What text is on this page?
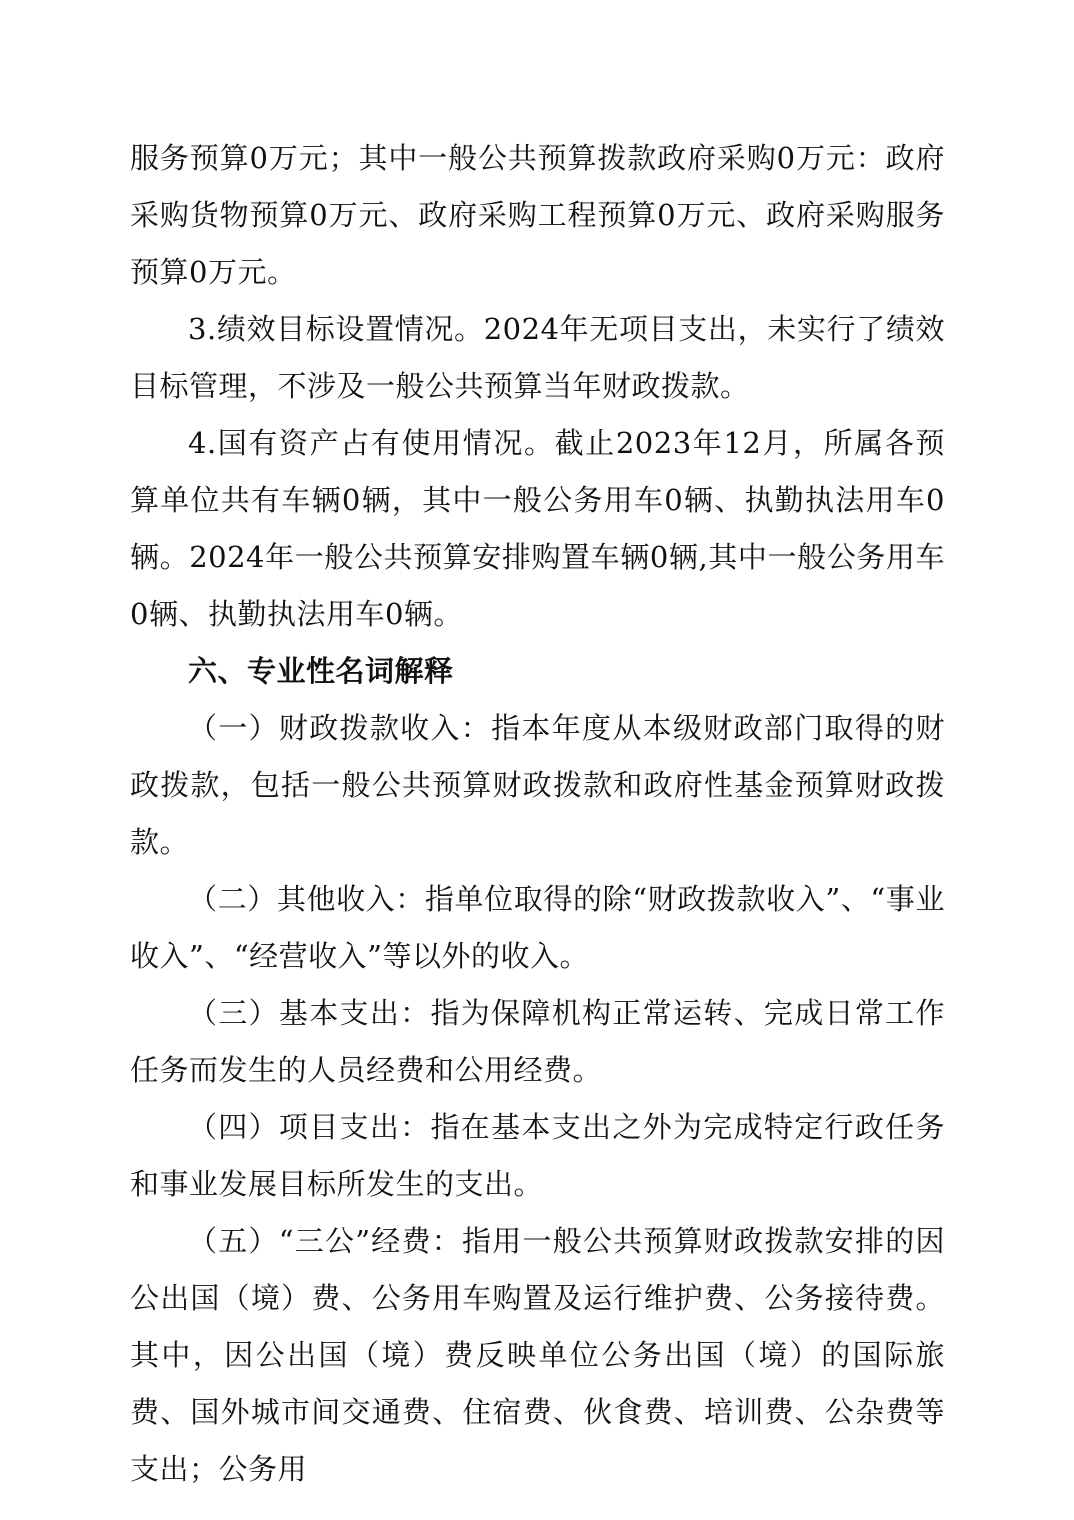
服务预算0万元；其中一般公共预算拨款政府采购0万元：政府采购货物预算0万元、政府采购工程预算0万元、政府采购服务预算0万元。

3.绩效目标设置情况。2024年无项目支出，未实行了绩效目标管理，不涉及一般公共预算当年财政拨款。

4.国有资产占有使用情况。截止2023年12月，所属各预算单位共有车辆0辆，其中一般公务用车0辆、执勤执法用车0辆。2024年一般公共预算安排购置车辆0辆,其中一般公务用车0辆、执勤执法用车0辆。

六、专业性名词解释

（一）财政拨款收入：指本年度从本级财政部门取得的财政拨款，包括一般公共预算财政拨款和政府性基金预算财政拨款。

（二）其他收入：指单位取得的除“财政拨款收入”、“事业收入”、“经营收入”等以外的收入。

（三）基本支出：指为保障机构正常运转、完成日常工作任务而发生的人员经费和公用经费。

（四）项目支出：指在基本支出之外为完成特定行政任务和事业发展目标所发生的支出。

（五）“三公”经费：指用一般公共预算财政拨款安排的因公出国（境）费、公务用车购置及运行维护费、公务接待费。其中，因公出国（境）费反映单位公务出国（境）的国际旅费、国外城市间交通费、住宿费、伙食费、培训费、公杂费等支出；公务用
